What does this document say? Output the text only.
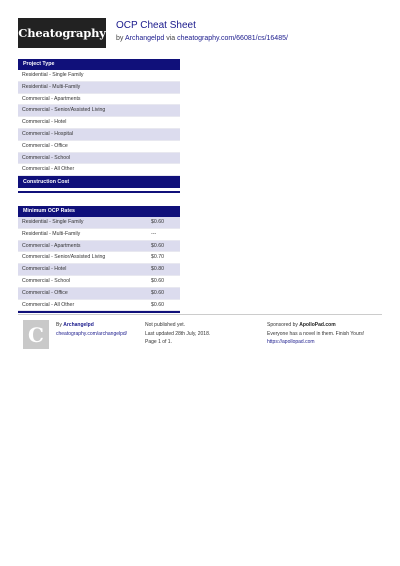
Cheatography
OCP Cheat Sheet
by Archangelpd via cheatography.com/66081/cs/16485/
Project Type
Residential - Single Family
Residential - Multi-Family
Commercial - Apartments
Commercial - Senior/Assisted Living
Commercial - Hotel
Commercial - Hospital
Commercial - Office
Commercial - School
Commercial - All Other
Construction Cost
Minimum OCP Rates
Residential - Single Family	$0.60
Residential - Multi-Family	---
Commercial - Apartments	$0.60
Commercial - Senior/Assisted Living	$0.70
Commercial - Hotel	$0.80
Commercial - School	$0.60
Commercial - Office	$0.60
Commercial - All Other	$0.60
C	By Archangelpd
cheatography.com/archangelpd/
Not published yet.
Last updated 28th July, 2018.
Page 1 of 1.
Sponsored by ApolloPad.com
Everyone has a novel in them. Finish Yours!
https://apollopad.com
